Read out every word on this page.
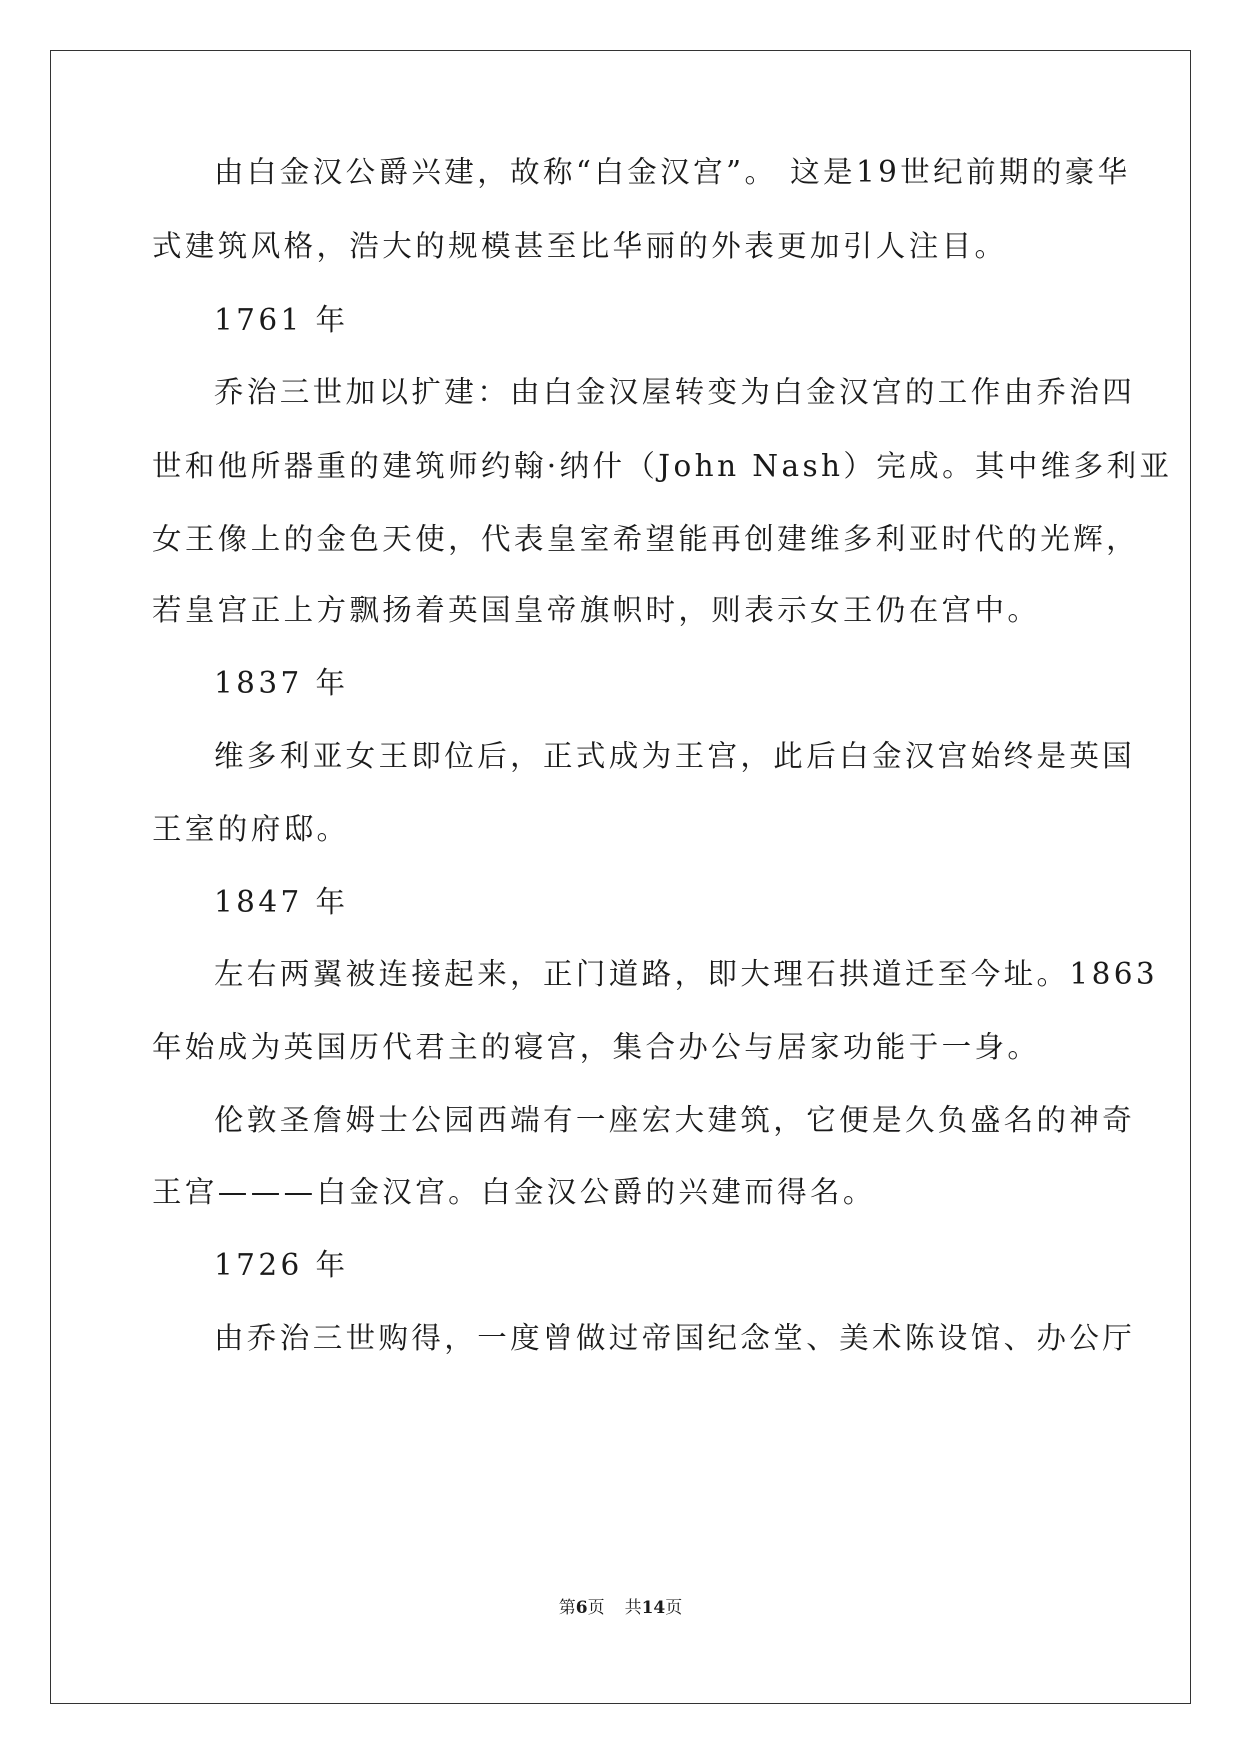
由白金汉公爵兴建，故称“白金汉宫”。 这是19世纪前期的豪华
式建筑风格，浩大的规模甚至比华丽的外表更加引人注目。
1761 年
乔治三世加以扩建：由白金汉屋转变为白金汉宫的工作由乔治四
世和他所器重的建筑师约翰·纳什（John Nash）完成。其中维多利亚
女王像上的金色天使，代表皇室希望能再创建维多利亚时代的光辉，
若皇宫正上方飘扬着英国皇帝旗帜时，则表示女王仍在宫中。
1837 年
维多利亚女王即位后，正式成为王宫，此后白金汉宫始终是英国
王室的府邸。
1847 年
左右两翼被连接起来，正门道路，即大理石拱道迁至今址。1863
年始成为英国历代君主的寝宫，集合办公与居家功能于一身。
伦敦圣詹姆士公园西端有一座宏大建筑，它便是久负盛名的神奇
王宫———白金汉宫。白金汉公爵的兴建而得名。
1726 年
由乔治三世购得，一度曾做过帝国纪念堂、美术陈设馆、办公厅
第6页 共14页
